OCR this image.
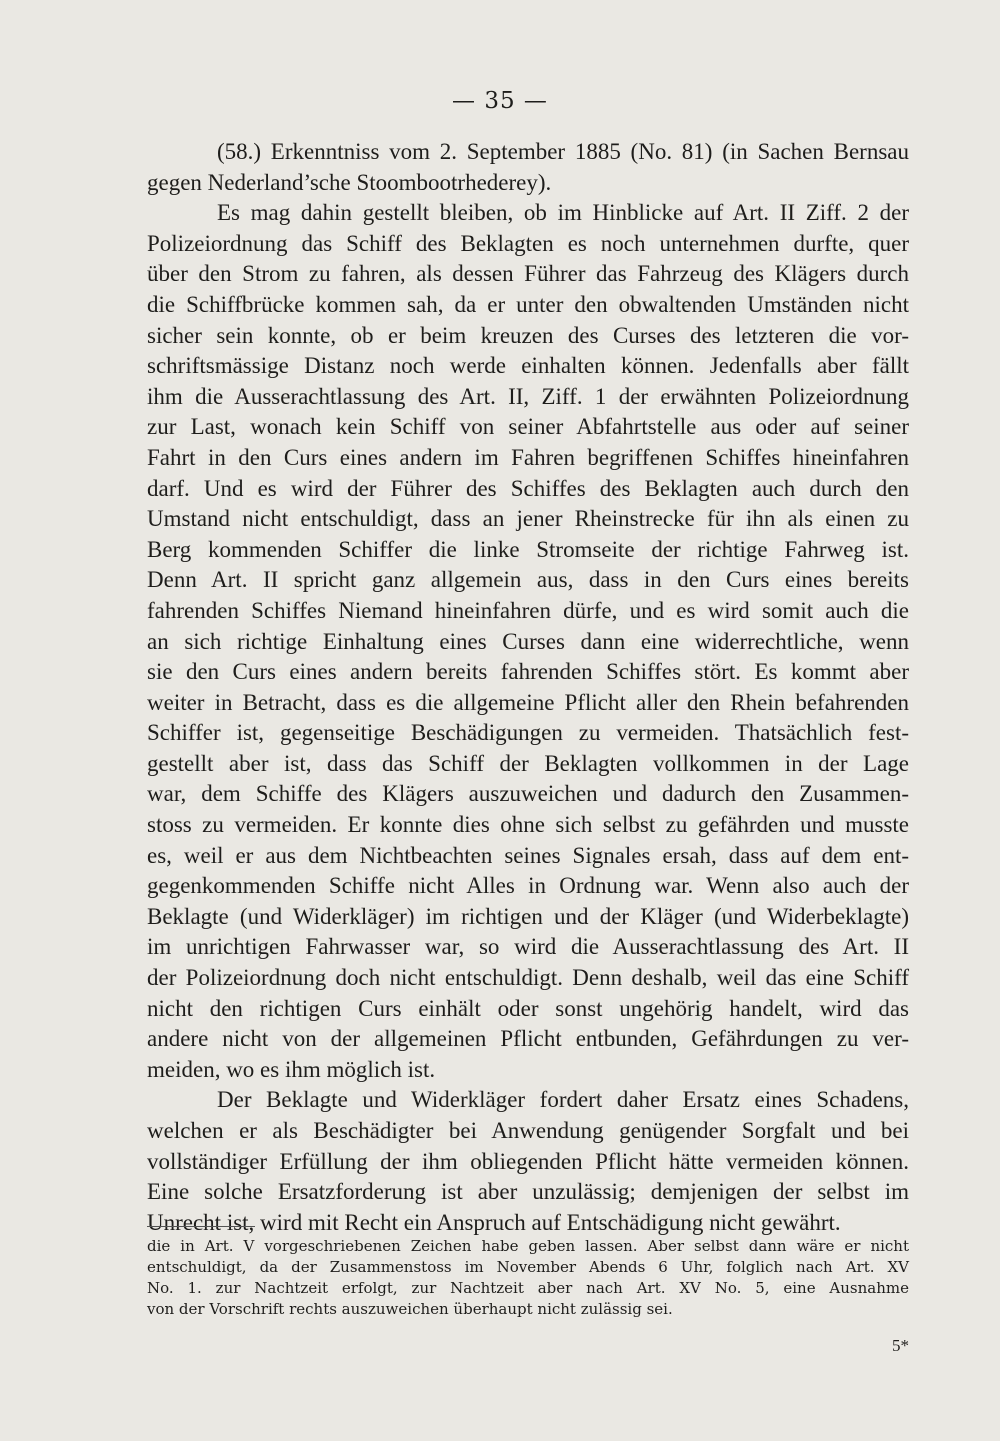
— 35 —
(58.) Erkenntniss vom 2. September 1885 (No. 81) (in Sachen Bernsau
gegen Nederland’sche Stoombootrhederey).
Es mag dahin gestellt bleiben, ob im Hinblicke auf Art. II Ziff. 2 der
Polizeiordnung das Schiff des Beklagten es noch unternehmen durfte, quer
über den Strom zu fahren, als dessen Führer das Fahrzeug des Klägers durch
die Schiffbrücke kommen sah, da er unter den obwaltenden Umständen nicht
sicher sein konnte, ob er beim kreuzen des Curses des letzteren die vor-
schriftsmässige Distanz noch werde einhalten können. Jedenfalls aber fällt
ihm die Ausserachtlassung des Art. II, Ziff. 1 der erwähnten Polizeiordnung
zur Last, wonach kein Schiff von seiner Abfahrtstelle aus oder auf seiner
Fahrt in den Curs eines andern im Fahren begriffenen Schiffes hineinfahren
darf. Und es wird der Führer des Schiffes des Beklagten auch durch den
Umstand nicht entschuldigt, dass an jener Rheinstrecke für ihn als einen zu
Berg kommenden Schiffer die linke Stromseite der richtige Fahrweg ist.
Denn Art. II spricht ganz allgemein aus, dass in den Curs eines bereits
fahrenden Schiffes Niemand hineinfahren dürfe, und es wird somit auch die
an sich richtige Einhaltung eines Curses dann eine widerrechtliche, wenn
sie den Curs eines andern bereits fahrenden Schiffes stört. Es kommt aber
weiter in Betracht, dass es die allgemeine Pflicht aller den Rhein befahrenden
Schiffer ist, gegenseitige Beschädigungen zu vermeiden. Thatsächlich fest-
gestellt aber ist, dass das Schiff der Beklagten vollkommen in der Lage
war, dem Schiffe des Klägers auszuweichen und dadurch den Zusammen-
stoss zu vermeiden. Er konnte dies ohne sich selbst zu gefährden und musste
es, weil er aus dem Nichtbeachten seines Signales ersah, dass auf dem ent-
gegenkommenden Schiffe nicht Alles in Ordnung war. Wenn also auch der
Beklagte (und Widerkläger) im richtigen und der Kläger (und Widerbeklagte)
im unrichtigen Fahrwasser war, so wird die Ausserachtlassung des Art. II
der Polizeiordnung doch nicht entschuldigt. Denn deshalb, weil das eine Schiff
nicht den richtigen Curs einhält oder sonst ungehörig handelt, wird das
andere nicht von der allgemeinen Pflicht entbunden, Gefährdungen zu ver-
meiden, wo es ihm möglich ist.
Der Beklagte und Widerkläger fordert daher Ersatz eines Schadens,
welchen er als Beschädigter bei Anwendung genügender Sorgfalt und bei
vollständiger Erfüllung der ihm obliegenden Pflicht hätte vermeiden können.
Eine solche Ersatzforderung ist aber unzulässig; demjenigen der selbst im
Unrecht ist, wird mit Recht ein Anspruch auf Entschädigung nicht gewährt.
die in Art. V vorgeschriebenen Zeichen habe geben lassen. Aber selbst dann wäre er nicht
entschuldigt, da der Zusammenstoss im November Abends 6 Uhr, folglich nach Art. XV
No. 1. zur Nachtzeit erfolgt, zur Nachtzeit aber nach Art. XV No. 5, eine Ausnahme
von der Vorschrift rechts auszuweichen überhaupt nicht zulässig sei.
5*
